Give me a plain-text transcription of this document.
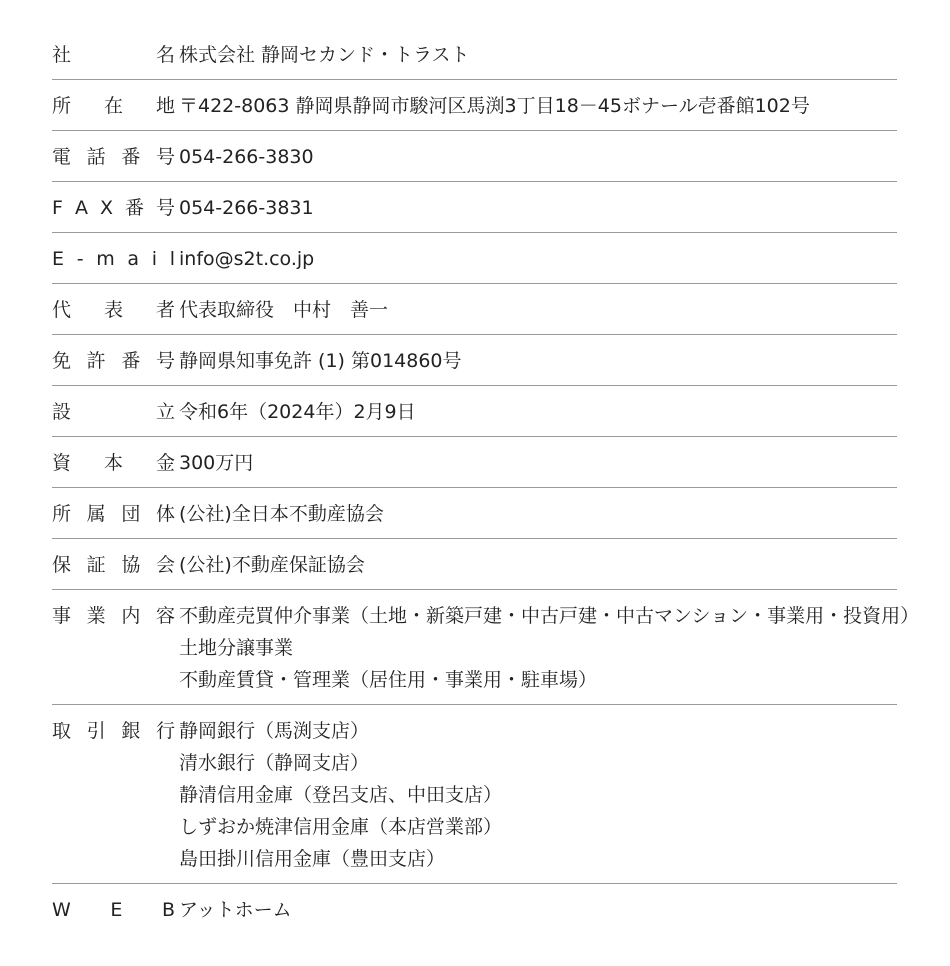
社	名 株式会社 静岡セカンド・トラスト
所 在 地 〒422-8063 静岡県静岡市駿河区馬渕3丁目18－45ボナール壱番館102号
電 話 番 号 054-266-3830
F A X 番 号 054-266-3831
E - m a i l info@s2t.co.jp
代 表 者 代表取締役　中村　善一
免 許 番 号 静岡県知事免許 (1) 第014860号
設	立 令和6年（2024年）2月9日
資 本 金 300万円
所 属 団 体 (公社)全日本不動産協会
保 証 協 会 (公社)不動産保証協会
事 業 内 容 不動産売買仲介事業（土地・新築戸建・中古戸建・中古マンション・事業用・投資用）
土地分譲事業
不動産賃貸・管理業（居住用・事業用・駐車場）
取 引 銀 行 静岡銀行（馬渕支店）
清水銀行（静岡支店）
静清信用金庫（登呂支店、中田支店）
しずおか焼津信用金庫（本店営業部）
島田掛川信用金庫（豊田支店）
W E B アットホーム
